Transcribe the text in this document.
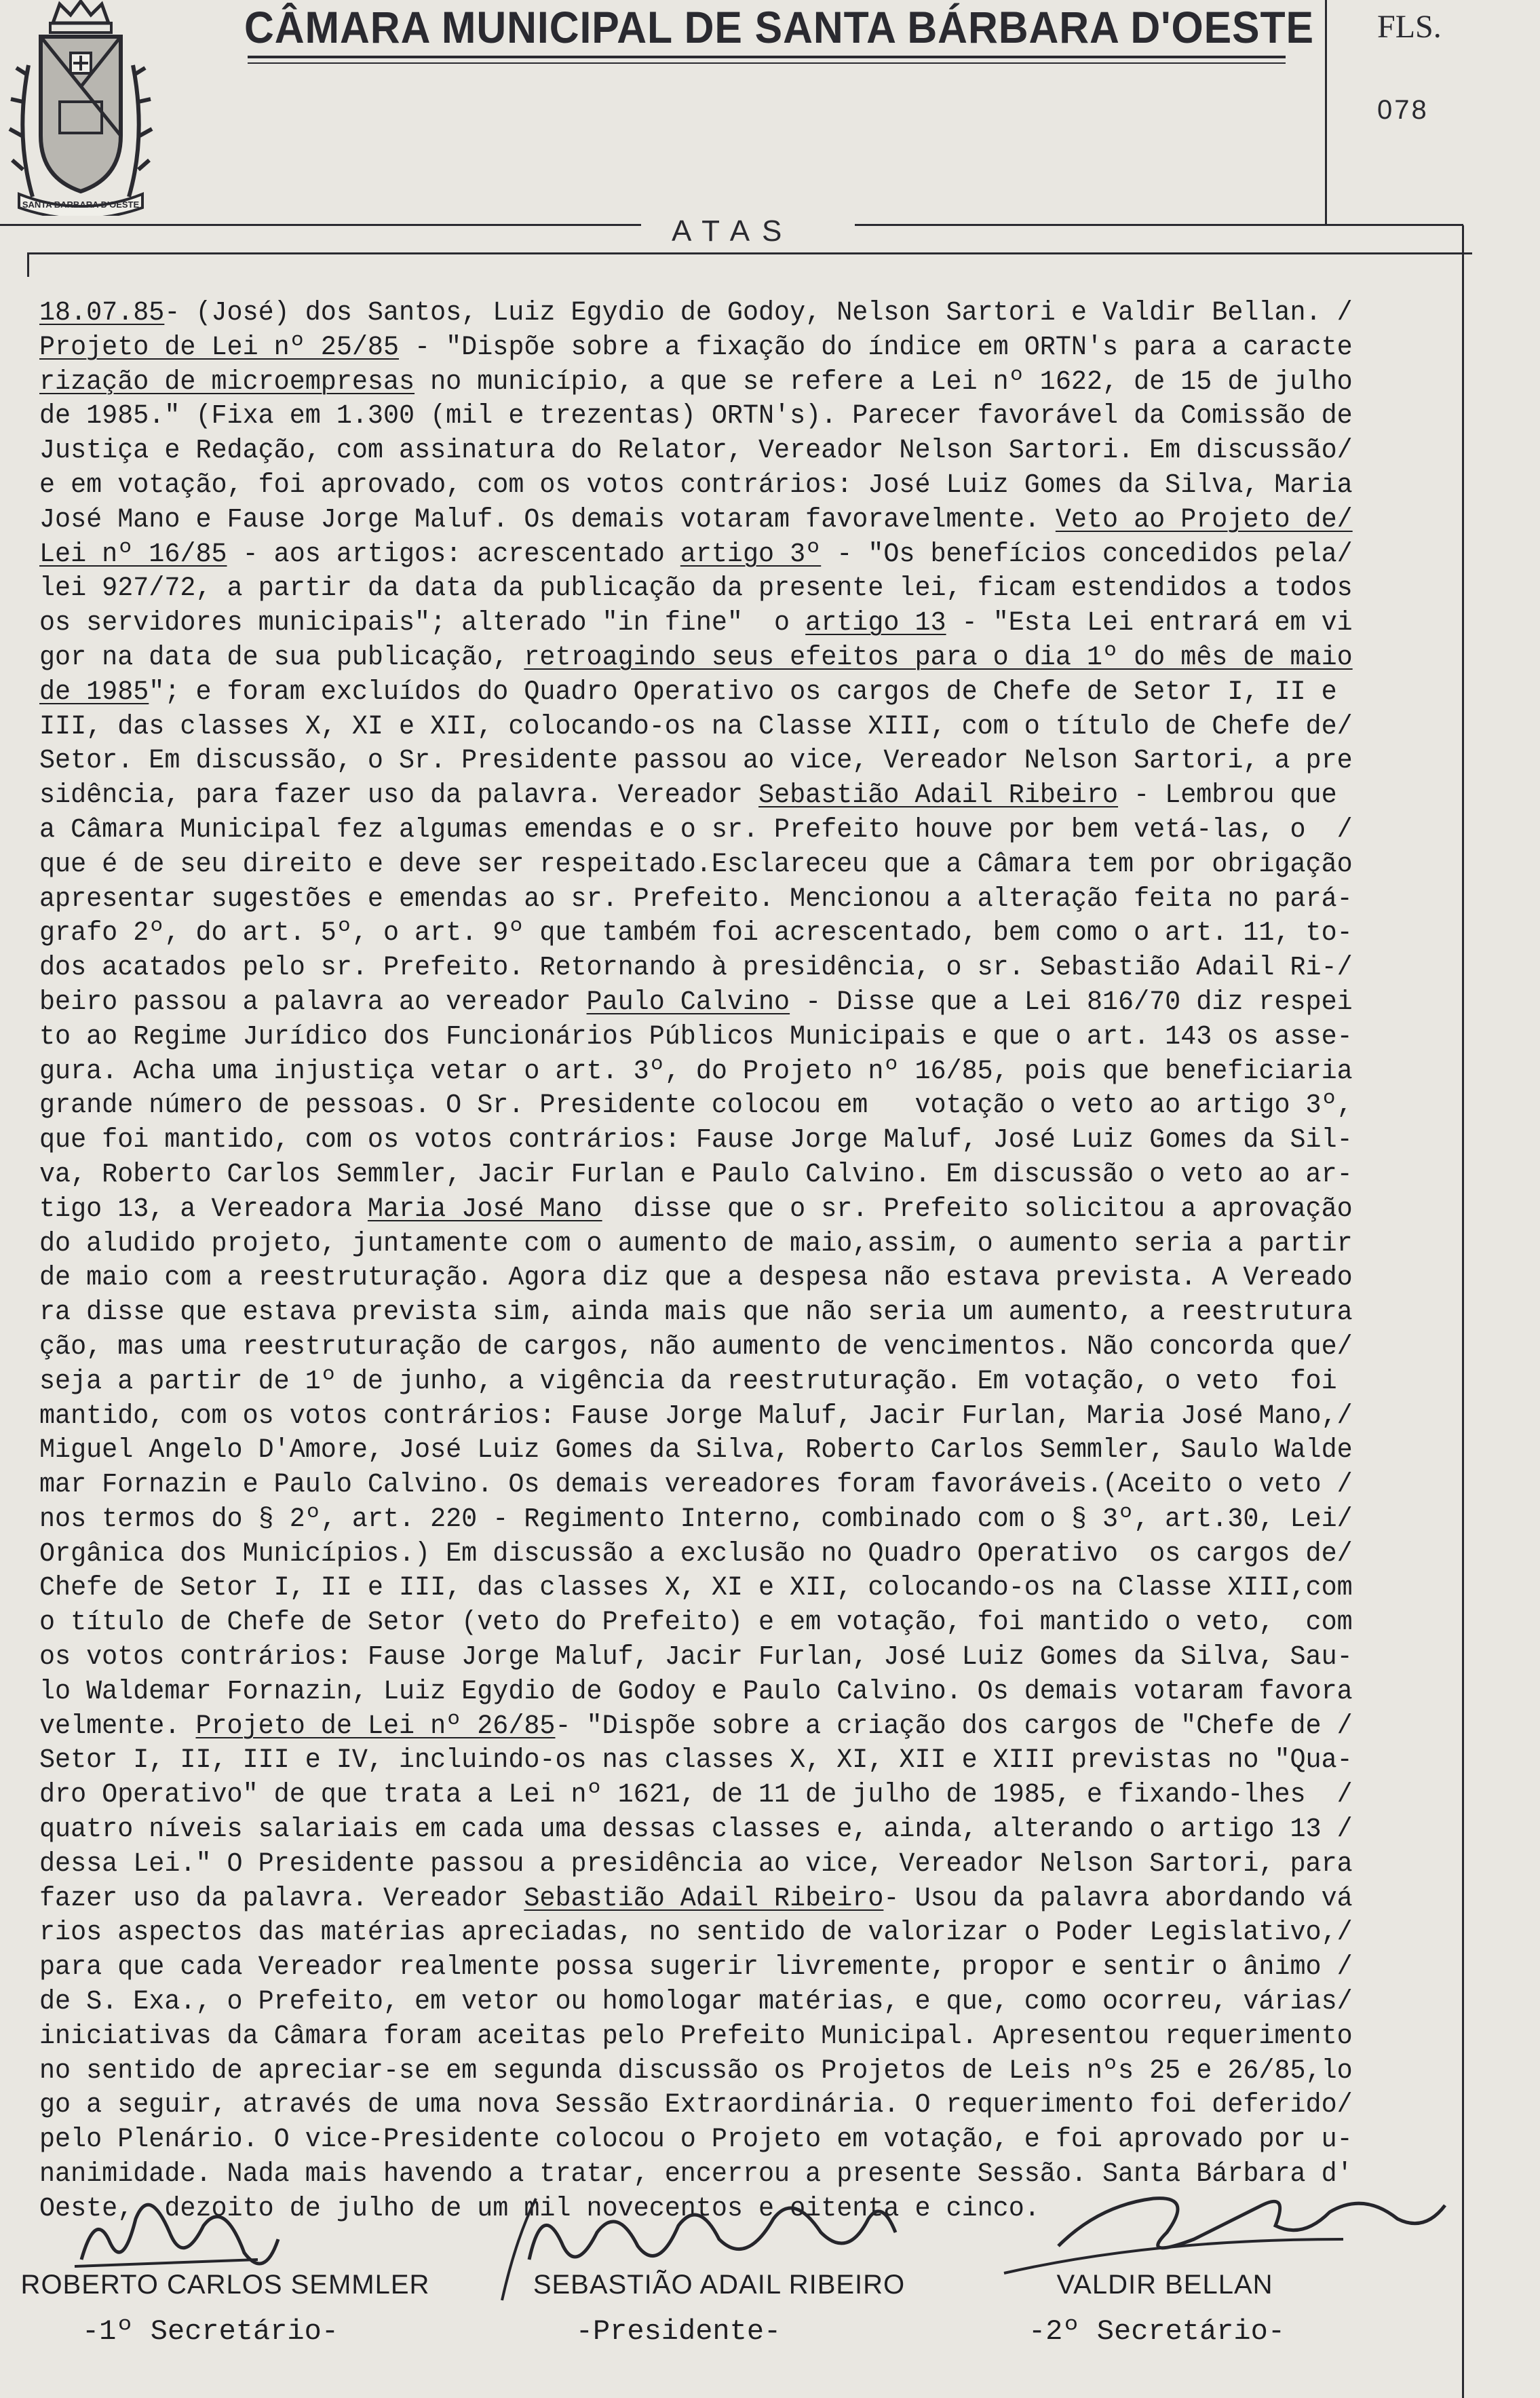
SANTA BARBARA D'OESTE
CÂMARA MUNICIPAL DE SANTA BÁRBARA D'OESTE FLS.
078
ATAS
18.07.85- (José) dos Santos, Luiz Egydio de Godoy, Nelson Sartori e Valdir Bellan. /
Projeto de Lei nº 25/85 - "Dispõe sobre a fixação do índice em ORTN's para a caracte
rização de microempresas no município, a que se refere a Lei nº 1622, de 15 de julho
de 1985." (Fixa em 1.300 (mil e trezentas) ORTN's). Parecer favorável da Comissão de
Justiça e Redação, com assinatura do Relator, Vereador Nelson Sartori. Em discussão/
e em votação, foi aprovado, com os votos contrários: José Luiz Gomes da Silva, Maria
José Mano e Fause Jorge Maluf. Os demais votaram favoravelmente. Veto ao Projeto de/
Lei nº 16/85 - aos artigos: acrescentado artigo 3º - "Os benefícios concedidos pela/
lei 927/72, a partir da data da publicação da presente lei, ficam estendidos a todos
os servidores municipais"; alterado "in fine"  o artigo 13 - "Esta Lei entrará em vi
gor na data de sua publicação, retroagindo seus efeitos para o dia 1º do mês de maio
de 1985"; e foram excluídos do Quadro Operativo os cargos de Chefe de Setor I, II e
III, das classes X, XI e XII, colocando-os na Classe XIII, com o título de Chefe de/
Setor. Em discussão, o Sr. Presidente passou ao vice, Vereador Nelson Sartori, a pre
sidência, para fazer uso da palavra. Vereador Sebastião Adail Ribeiro - Lembrou que
a Câmara Municipal fez algumas emendas e o sr. Prefeito houve por bem vetá-las, o  /
que é de seu direito e deve ser respeitado.Esclareceu que a Câmara tem por obrigação
apresentar sugestões e emendas ao sr. Prefeito. Mencionou a alteração feita no pará-
grafo 2º, do art. 5º, o art. 9º que também foi acrescentado, bem como o art. 11, to-
dos acatados pelo sr. Prefeito. Retornando à presidência, o sr. Sebastião Adail Ri-/
beiro passou a palavra ao vereador Paulo Calvino - Disse que a Lei 816/70 diz respei
to ao Regime Jurídico dos Funcionários Públicos Municipais e que o art. 143 os asse-
gura. Acha uma injustiça vetar o art. 3º, do Projeto nº 16/85, pois que beneficiaria
grande número de pessoas. O Sr. Presidente colocou em   votação o veto ao artigo 3º,
que foi mantido, com os votos contrários: Fause Jorge Maluf, José Luiz Gomes da Sil-
va, Roberto Carlos Semmler, Jacir Furlan e Paulo Calvino. Em discussão o veto ao ar-
tigo 13, a Vereadora Maria José Mano  disse que o sr. Prefeito solicitou a aprovação
do aludido projeto, juntamente com o aumento de maio,assim, o aumento seria a partir
de maio com a reestruturação. Agora diz que a despesa não estava prevista. A Vereado
ra disse que estava prevista sim, ainda mais que não seria um aumento, a reestrutura
ção, mas uma reestruturação de cargos, não aumento de vencimentos. Não concorda que/
seja a partir de 1º de junho, a vigência da reestruturação. Em votação, o veto  foi
mantido, com os votos contrários: Fause Jorge Maluf, Jacir Furlan, Maria José Mano,/
Miguel Angelo D'Amore, José Luiz Gomes da Silva, Roberto Carlos Semmler, Saulo Walde
mar Fornazin e Paulo Calvino. Os demais vereadores foram favoráveis.(Aceito o veto /
nos termos do § 2º, art. 220 - Regimento Interno, combinado com o § 3º, art.30, Lei/
Orgânica dos Municípios.) Em discussão a exclusão no Quadro Operativo  os cargos de/
Chefe de Setor I, II e III, das classes X, XI e XII, colocando-os na Classe XIII,com
o título de Chefe de Setor (veto do Prefeito) e em votação, foi mantido o veto,  com
os votos contrários: Fause Jorge Maluf, Jacir Furlan, José Luiz Gomes da Silva, Sau-
lo Waldemar Fornazin, Luiz Egydio de Godoy e Paulo Calvino. Os demais votaram favora
velmente. Projeto de Lei nº 26/85- "Dispõe sobre a criação dos cargos de "Chefe de /
Setor I, II, III e IV, incluindo-os nas classes X, XI, XII e XIII previstas no "Qua-
dro Operativo" de que trata a Lei nº 1621, de 11 de julho de 1985, e fixando-lhes  /
quatro níveis salariais em cada uma dessas classes e, ainda, alterando o artigo 13 /
dessa Lei." O Presidente passou a presidência ao vice, Vereador Nelson Sartori, para
fazer uso da palavra. Vereador Sebastião Adail Ribeiro- Usou da palavra abordando vá
rios aspectos das matérias apreciadas, no sentido de valorizar o Poder Legislativo,/
para que cada Vereador realmente possa sugerir livremente, propor e sentir o ânimo /
de S. Exa., o Prefeito, em vetor ou homologar matérias, e que, como ocorreu, várias/
iniciativas da Câmara foram aceitas pelo Prefeito Municipal. Apresentou requerimento
no sentido de apreciar-se em segunda discussão os Projetos de Leis nºs 25 e 26/85,lo
go a seguir, através de uma nova Sessão Extraordinária. O requerimento foi deferido/
pelo Plenário. O vice-Presidente colocou o Projeto em votação, e foi aprovado por u-
nanimidade. Nada mais havendo a tratar, encerrou a presente Sessão. Santa Bárbara d'
Oeste,  dezoito de julho de um mil novecentos e oitenta e cinco.
ROBERTO CARLOS SEMMLER
-1º Secretário-
SEBASTIÃO ADAIL RIBEIRO
-Presidente-
VALDIR BELLAN
-2º Secretário-
